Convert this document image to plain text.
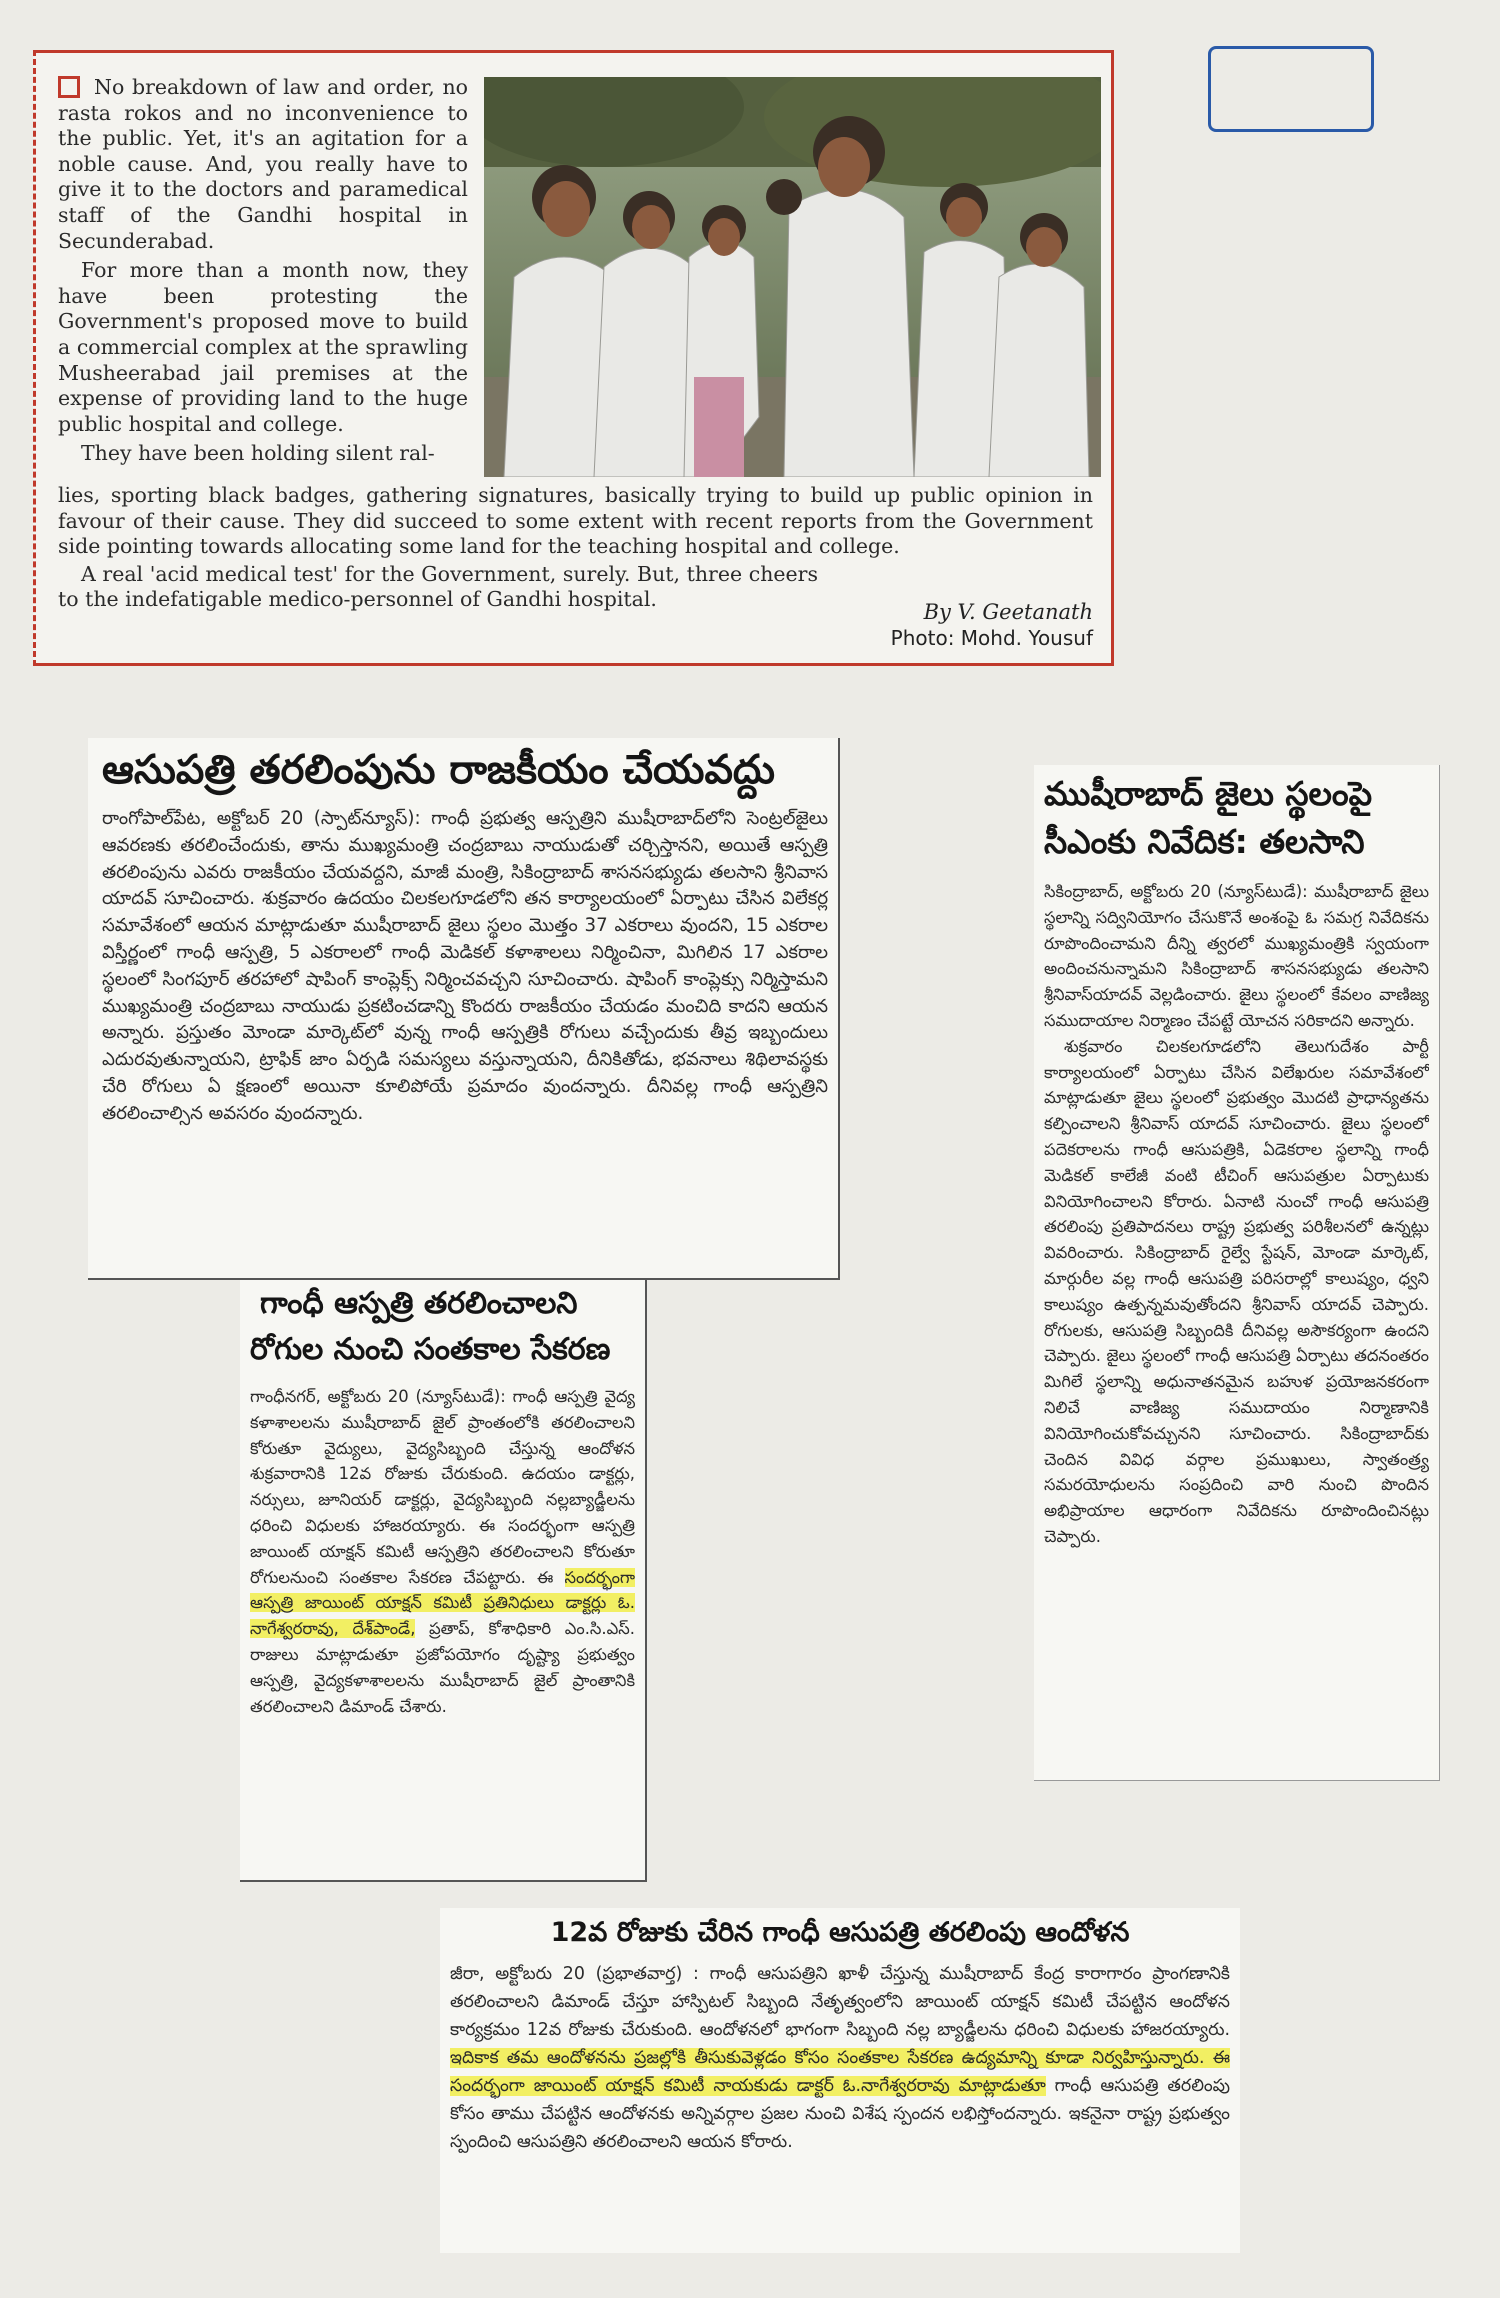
No breakdown of law and order, no rasta rokos and no inconvenience to the public. Yet, it's an agitation for a noble cause. And, you really have to give it to the doctors and paramedical staff of the Gandhi hospital in Secunderabad.

For more than a month now, they have been protesting the Government's proposed move to build a commercial complex at the sprawling Musheerabad jail premises at the expense of providing land to the huge public hospital and college.

They have been holding silent ral-

lies, sporting black badges, gathering signatures, basically trying to build up public opinion in favour of their cause. They did succeed to some extent with recent reports from the Government side pointing towards allocating some land for the teaching hospital and college.

A real 'acid medical test' for the Government, surely. But, three cheers to the indefatigable medico-personnel of Gandhi hospital.

By V. Geetanath
Photo: Mohd. Yousuf
ఆసుపత్రి తరలింపును రాజకీయం చేయవద్దు
రాంగోపాల్‌పేట, అక్టోబర్ 20 (స్పాట్‌న్యూస్): గాంధీ ప్రభుత్వ ఆస్పత్రిని ముషీరాబాద్‌లోని సెంట్రల్‌జైలు ఆవరణకు తరలించేందుకు, తాను ముఖ్యమంత్రి చంద్రబాబు నాయుడుతో చర్చిస్తానని, అయితే ఆస్పత్రి తరలింపును ఎవరు రాజకీయం చేయవద్దని, మాజీ మంత్రి, సికింద్రాబాద్ శాసనసభ్యుడు తలసాని శ్రీనివాస యాదవ్ సూచించారు. శుక్రవారం ఉదయం చిలకలగూడలోని తన కార్యాలయంలో ఏర్పాటు చేసిన విలేకర్ల సమావేశంలో ఆయన మాట్లాడుతూ ముషీరాబాద్ జైలు స్థలం మొత్తం 37 ఎకరాలు వుందని, 15 ఎకరాల విస్తీర్ణంలో గాంధీ ఆస్పత్రి, 5 ఎకరాలలో గాంధీ మెడికల్ కళాశాలలు నిర్మించినా, మిగిలిన 17 ఎకరాల స్థలంలో సింగపూర్ తరహాలో షాపింగ్ కాంప్లెక్స్ నిర్మించవచ్చని సూచించారు. షాపింగ్ కాంప్లెక్సు నిర్మిస్తామని ముఖ్యమంత్రి చంద్రబాబు నాయుడు ప్రకటించడాన్ని కొందరు రాజకీయం చేయడం మంచిది కాదని ఆయన అన్నారు. ప్రస్తుతం మోండా మార్కెట్‌లో వున్న గాంధీ ఆస్పత్రికి రోగులు వచ్చేందుకు తీవ్ర ఇబ్బందులు ఎదురవుతున్నాయని, ట్రాఫిక్ జాం ఏర్పడి సమస్యలు వస్తున్నాయని, దీనికితోడు, భవనాలు శిథిలావస్థకు చేరి రోగులు ఏ క్షణంలో అయినా కూలిపోయే ప్రమాదం వుందన్నారు. దీనివల్ల గాంధీ ఆస్పత్రిని తరలించాల్సిన అవసరం వుందన్నారు.
ముషీరాబాద్ జైలు స్థలంపై
సీఎంకు నివేదిక: తలసాని

సికింద్రాబాద్, అక్టోబరు 20 (న్యూస్‌టుడే): ముషీరాబాద్ జైలు స్థలాన్ని సద్వినియోగం చేసుకొనే అంశంపై ఓ సమగ్ర నివేదికను రూపొందించామని దీన్ని త్వరలో ముఖ్యమంత్రికి స్వయంగా అందించనున్నామని సికింద్రాబాద్ శాసనసభ్యుడు తలసాని శ్రీనివాస్‌యాదవ్ వెల్లడించారు. జైలు స్థలంలో కేవలం వాణిజ్య సముదాయాల నిర్మాణం చేపట్టే యోచన సరికాదని అన్నారు.

శుక్రవారం చిలకలగూడలోని తెలుగుదేశం పార్టీ కార్యాలయంలో ఏర్పాటు చేసిన విలేఖరుల సమావేశంలో మాట్లాడుతూ జైలు స్థలంలో ప్రభుత్వం మొదటి ప్రాధాన్యతను కల్పించాలని శ్రీనివాస్ యాదవ్ సూచించారు. జైలు స్థలంలో పదెకరాలను గాంధీ ఆసుపత్రికి, ఏడెకరాల స్థలాన్ని గాంధీ మెడికల్ కాలేజీ వంటి టీచింగ్ ఆసుపత్రుల ఏర్పాటుకు వినియోగించాలని కోరారు. ఏనాటి నుంచో గాంధీ ఆసుపత్రి తరలింపు ప్రతిపాదనలు రాష్ట్ర ప్రభుత్వ పరిశీలనలో ఉన్నట్లు వివరించారు. సికింద్రాబాద్ రైల్వే స్టేషన్, మోండా మార్కెట్, మార్గురీల వల్ల గాంధీ ఆసుపత్రి పరిసరాల్లో కాలుష్యం, ధ్వని కాలుష్యం ఉత్పన్నమవుతోందని శ్రీనివాస్ యాదవ్ చెప్పారు. రోగులకు, ఆసుపత్రి సిబ్బందికి దీనివల్ల అసౌకర్యంగా ఉందని చెప్పారు. జైలు స్థలంలో గాంధీ ఆసుపత్రి ఏర్పాటు తదనంతరం మిగిలే స్థలాన్ని అధునాతనమైన బహుళ ప్రయోజనకరంగా నిలిచే వాణిజ్య సముదాయం నిర్మాణానికి వినియోగించుకోవచ్చునని సూచించారు. సికింద్రాబాద్‌కు చెందిన వివిధ వర్గాల ప్రముఖులు, స్వాతంత్ర్య సమరయోధులను సంప్రదించి వారి నుంచి పొందిన అభిప్రాయాల ఆధారంగా నివేదికను రూపొందించినట్లు చెప్పారు.

గాంధీ ఆస్పత్రి తరలించాలని
రోగుల నుంచి సంతకాల సేకరణ
గాంధీనగర్, అక్టోబరు 20 (న్యూస్‌టుడే): గాంధీ ఆస్పత్రి వైద్య కళాశాలలను ముషీరాబాద్ జైల్ ప్రాంతంలోకి తరలించాలని కోరుతూ వైద్యులు, వైద్యసిబ్బంది చేస్తున్న ఆందోళన శుక్రవారానికి 12వ రోజుకు చేరుకుంది. ఉదయం డాక్టర్లు, నర్సులు, జూనియర్ డాక్టర్లు, వైద్యసిబ్బంది నల్లబ్యాడ్జీలను ధరించి విధులకు హాజరయ్యారు. ఈ సందర్భంగా ఆస్పత్రి జాయింట్ యాక్షన్ కమిటీ ఆస్పత్రిని తరలించాలని కోరుతూ రోగులనుంచి సంతకాల సేకరణ చేపట్టారు. ఈ సందర్భంగా ఆస్పత్రి జాయింట్ యాక్షన్ కమిటీ ప్రతినిధులు డాక్టర్లు ఓ. నాగేశ్వరరావు, దేశ్‌పాండే, ప్రతాప్, కోశాధికారి ఎం.సి.ఎస్. రాజులు మాట్లాడుతూ ప్రజోపయోగం దృష్ట్యా ప్రభుత్వం ఆస్పత్రి, వైద్యకళాశాలలను ముషీరాబాద్ జైల్ ప్రాంతానికి తరలించాలని డిమాండ్ చేశారు.
12వ రోజుకు చేరిన గాంధీ ఆసుపత్రి తరలింపు ఆందోళన
జీరా, అక్టోబరు 20 (ప్రభాతవార్త) : గాంధీ ఆసుపత్రిని ఖాళీ చేస్తున్న ముషీరాబాద్ కేంద్ర కారాగారం ప్రాంగణానికి తరలించాలని డిమాండ్ చేస్తూ హాస్పిటల్ సిబ్బంది నేతృత్వంలోని జాయింట్ యాక్షన్ కమిటీ చేపట్టిన ఆందోళన కార్యక్రమం 12వ రోజుకు చేరుకుంది. ఆందోళనలో భాగంగా సిబ్బంది నల్ల బ్యాడ్జీలను ధరించి విధులకు హాజరయ్యారు. ఇదికాక తమ ఆందోళనను ప్రజల్లోకి తీసుకువెళ్లడం కోసం సంతకాల సేకరణ ఉద్యమాన్ని కూడా నిర్వహిస్తున్నారు. ఈ సందర్భంగా జాయింట్ యాక్షన్ కమిటీ నాయకుడు డాక్టర్ ఓ.నాగేశ్వరరావు మాట్లాడుతూ గాంధీ ఆసుపత్రి తరలింపు కోసం తాము చేపట్టిన ఆందోళనకు అన్నివర్గాల ప్రజల నుంచి విశేష స్పందన లభిస్తోందన్నారు. ఇకనైనా రాష్ట్ర ప్రభుత్వం స్పందించి ఆసుపత్రిని తరలించాలని ఆయన కోరారు.
